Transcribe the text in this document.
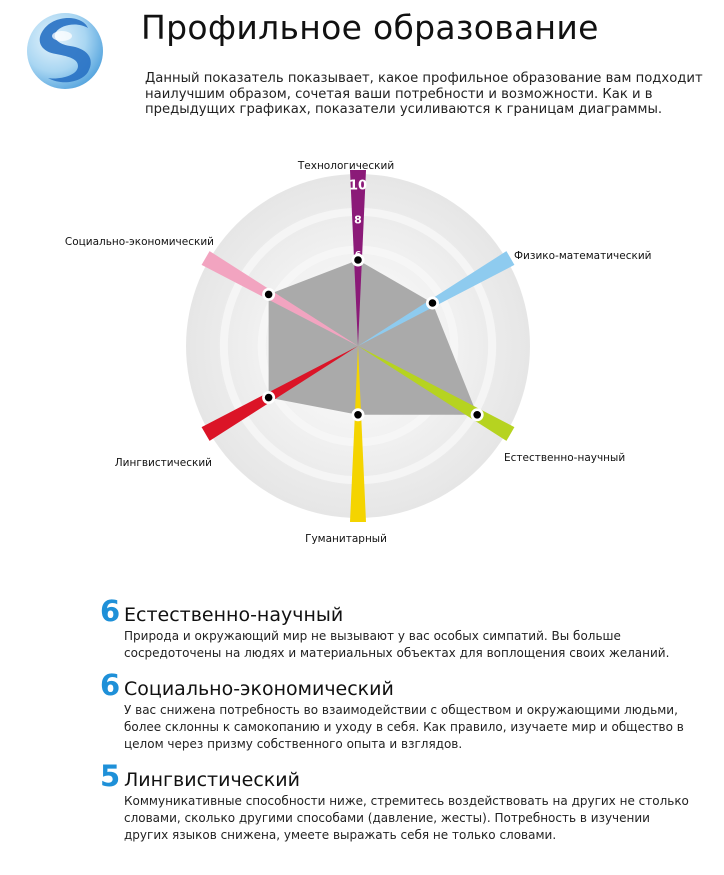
Профильное образование
Данный показатель показывает, какое профильное образование вам подходит наилучшим образом, сочетая ваши потребности и возможности. Как и в предыдущих графиках, показатели усиливаются к границам диаграммы.
10
8
Технологический
Физико-математический
Естественно-научный
Гуманитарный
Лингвистический
Социально-экономический
6 Естественно-научный
Природа и окружающий мир не вызывают у вас особых симпатий. Вы больше сосредоточены на людях и материальных объектах для воплощения своих желаний.
6 Социально-экономический
У вас снижена потребность во взаимодействии с обществом и окружающими людьми, более склонны к самокопанию и уходу в себя. Как правило, изучаете мир и общество в целом через призму собственного опыта и взглядов.
5 Лингвистический
Коммуникативные способности ниже, стремитесь воздействовать на других не столько словами, сколько другими способами (давление, жесты). Потребность в изучении других языков снижена, умеете выражать себя не только словами.
